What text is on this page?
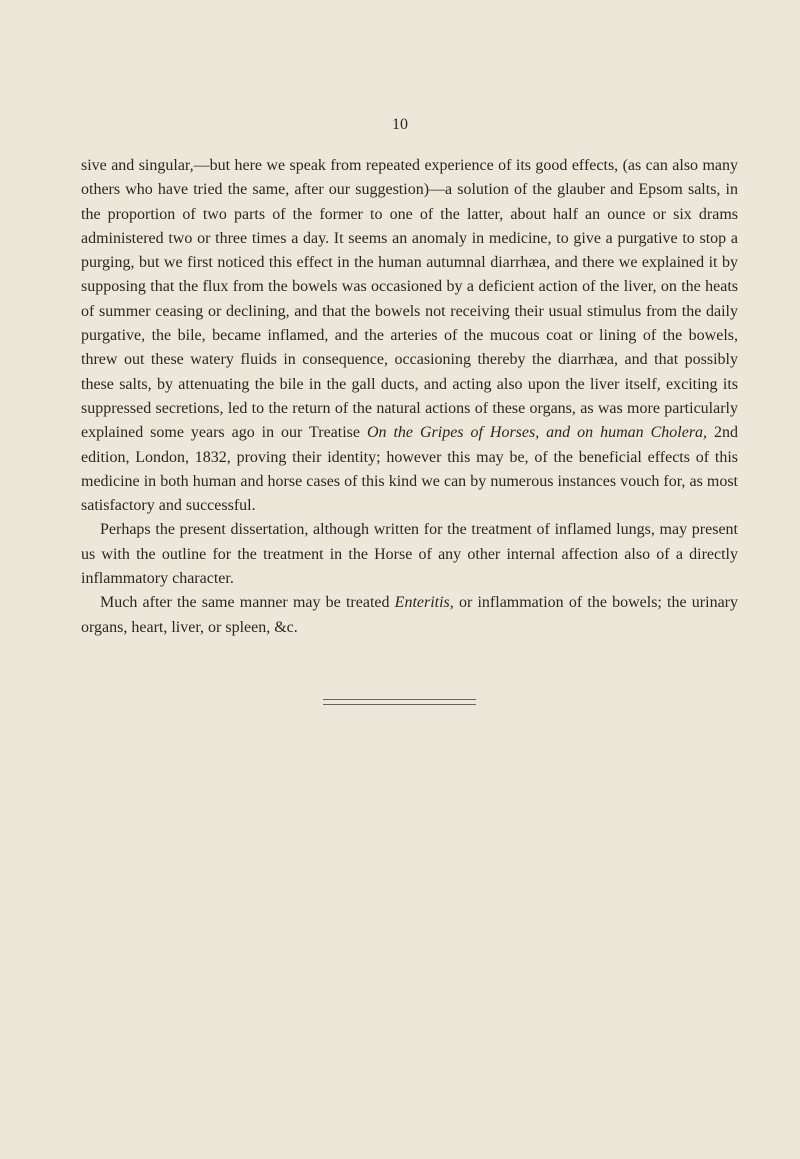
10

sive and singular,—but here we speak from repeated experience of its good effects, (as can also many others who have tried the same, after our suggestion)—a solution of the glauber and Epsom salts, in the proportion of two parts of the former to one of the latter, about half an ounce or six drams administered two or three times a day. It seems an anomaly in medicine, to give a purgative to stop a purging, but we first noticed this effect in the human autumnal diarrhæa, and there we explained it by supposing that the flux from the bowels was occasioned by a deficient action of the liver, on the heats of summer ceasing or declining, and that the bowels not receiving their usual stimulus from the daily purgative, the bile, became inflamed, and the arteries of the mucous coat or lining of the bowels, threw out these watery fluids in consequence, occasioning thereby the diarrhæa, and that possibly these salts, by attenuating the bile in the gall ducts, and acting also upon the liver itself, exciting its suppressed secretions, led to the return of the natural actions of these organs, as was more particularly explained some years ago in our Treatise On the Gripes of Horses, and on human Cholera, 2nd edition, London, 1832, proving their identity; however this may be, of the beneficial effects of this medicine in both human and horse cases of this kind we can by numerous instances vouch for, as most satisfactory and successful.

Perhaps the present dissertation, although written for the treatment of inflamed lungs, may present us with the outline for the treatment in the Horse of any other internal affection also of a directly inflammatory character.

Much after the same manner may be treated Enteritis, or inflammation of the bowels; the urinary organs, heart, liver, or spleen, &c.
